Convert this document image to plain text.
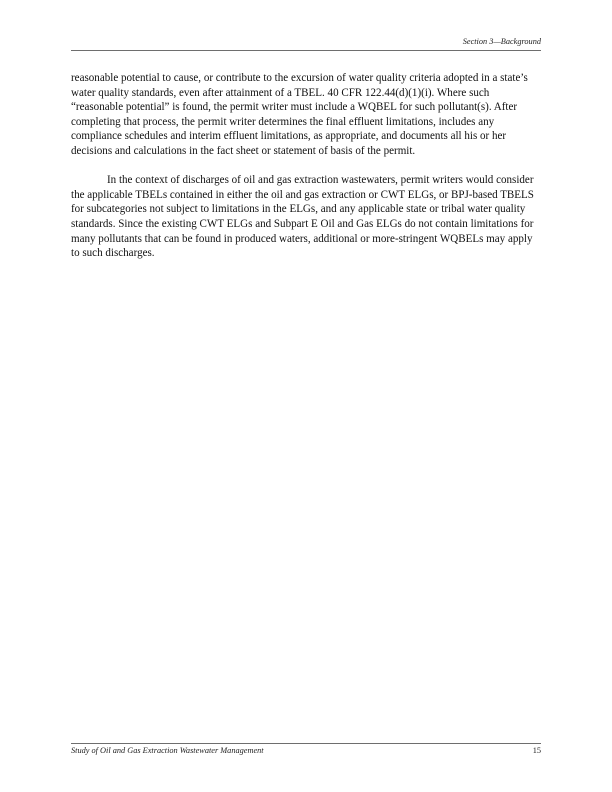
Section 3—Background

reasonable potential to cause, or contribute to the excursion of water quality criteria adopted in a state’s water quality standards, even after attainment of a TBEL. 40 CFR 122.44(d)(1)(i). Where such “reasonable potential” is found, the permit writer must include a WQBEL for such pollutant(s). After completing that process, the permit writer determines the final effluent limitations, includes any compliance schedules and interim effluent limitations, as appropriate, and documents all his or her decisions and calculations in the fact sheet or statement of basis of the permit.

In the context of discharges of oil and gas extraction wastewaters, permit writers would consider the applicable TBELs contained in either the oil and gas extraction or CWT ELGs, or BPJ-based TBELS for subcategories not subject to limitations in the ELGs, and any applicable state or tribal water quality standards. Since the existing CWT ELGs and Subpart E Oil and Gas ELGs do not contain limitations for many pollutants that can be found in produced waters, additional or more-stringent WQBELs may apply to such discharges.

Study of Oil and Gas Extraction Wastewater Management	15
